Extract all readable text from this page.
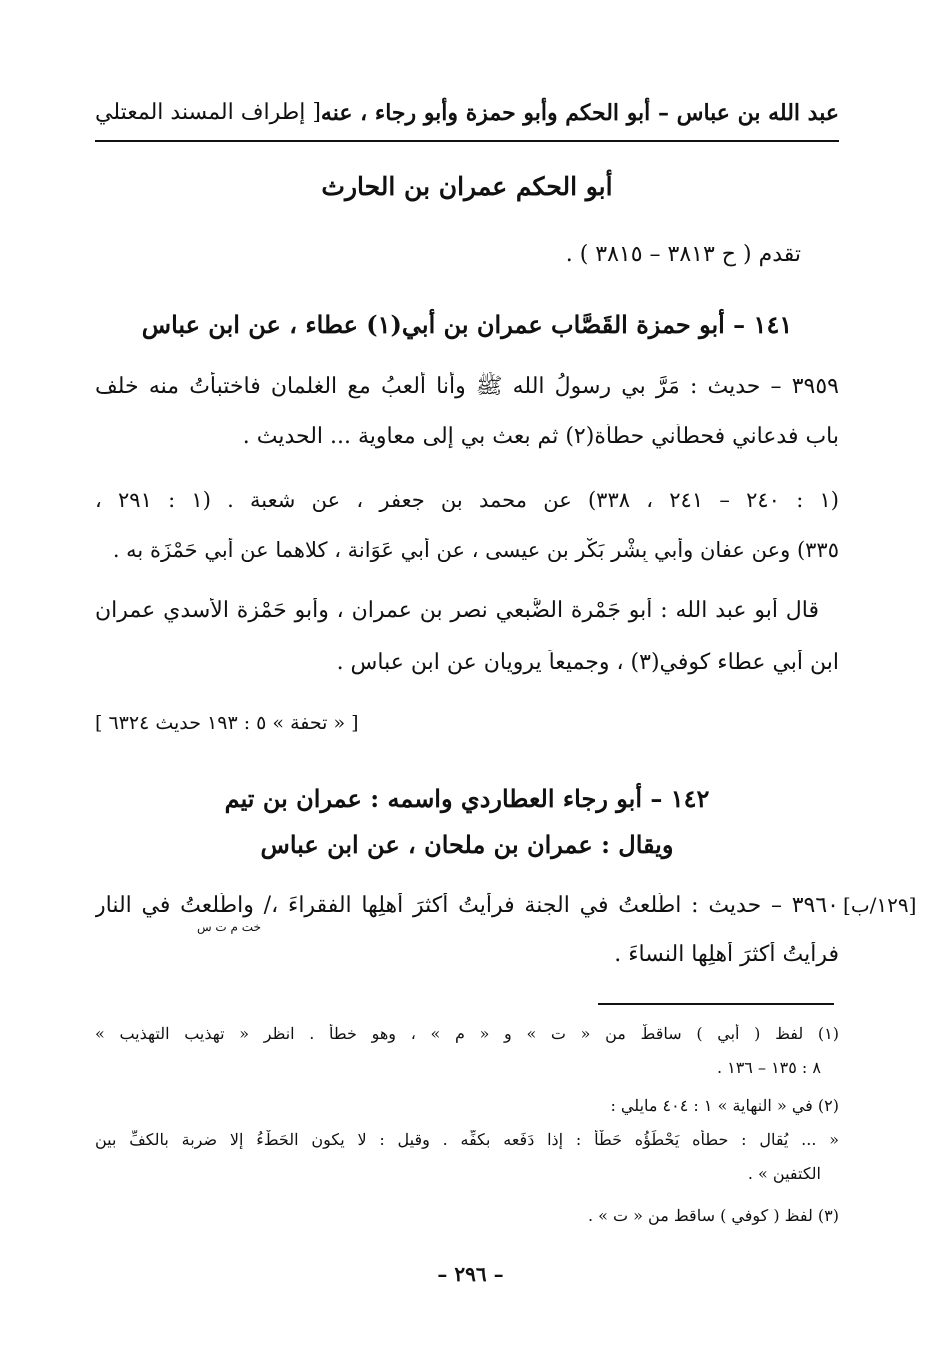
عبد الله بن عباس – أبو الحكم وأبو حمزة وأبو رجاء ، عنه
[ إطراف المسند المعتلي
أبو الحكم عمران بن الحارث
تقدم ( ح ٣٨١٣ – ٣٨١٥ ) .
١٤١ – أبو حمزة القَصَّاب عمران بن أبي(١) عطاء ، عن ابن عباس
٣٩٥٩ – حديث : مَرَّ بي رسولُ الله ﷺ وأنا ألعبُ مع الغلمان فاختبأتُ منه خلف
باب فدعاني فحطأني حطأة(٢) ثم بعث بي إلى معاوية ... الحديث .
(١ : ٢٤٠ – ٢٤١ ، ٣٣٨) عن محمد بن جعفر ، عن شعبة . (١ : ٢٩١ ،
٣٣٥) وعن عفان وأبي بِشْر بَكْر بن عيسى ، عن أبي عَوَانة ، كلاهما عن أبي حَمْزَة به .
قال أبو عبد الله : أبو جَمْرة الضُّبعي نصر بن عمران ، وأبو حَمْزة الأسدي عمران
ابن أبي عطاء كوفي(٣) ، وجميعاً يرويان عن ابن عباس .
[ « تحفة » ٥ : ١٩٣ حديث ٦٣٢٤ ]
١٤٢ – أبو رجاء العطاردي واسمه : عمران بن تيم
ويقال : عمران بن ملحان ، عن ابن عباس
[١٢٩/ب]
٣٩٦٠ – حديث : اطَّلعتُ في الجنة فرأيتُ أكثرَ أهلِها الفقراءَ ،/ واطَّلعتُ في النار
خت م ت س
فرأيتُ أكثرَ أهلِها النساءَ .
(١) لفظ ( أبي ) ساقطٌ من « ت » و « م » ، وهو خطأ . انظر « تهذيب التهذيب »
٨ : ١٣٥ – ١٣٦ .
(٢) في « النهاية » ١ : ٤٠٤ مايلي :
« ... يُقال : حطأه يَحْطَؤُه حَطْأً : إذا دَفَعه بكفِّه . وقيل : لا يكون الحَطْءُ إلا ضربة بالكفِّ بين
الكتفين » .
(٣) لفظ ( كوفي ) ساقط من « ت » .
– ٢٩٦ –
